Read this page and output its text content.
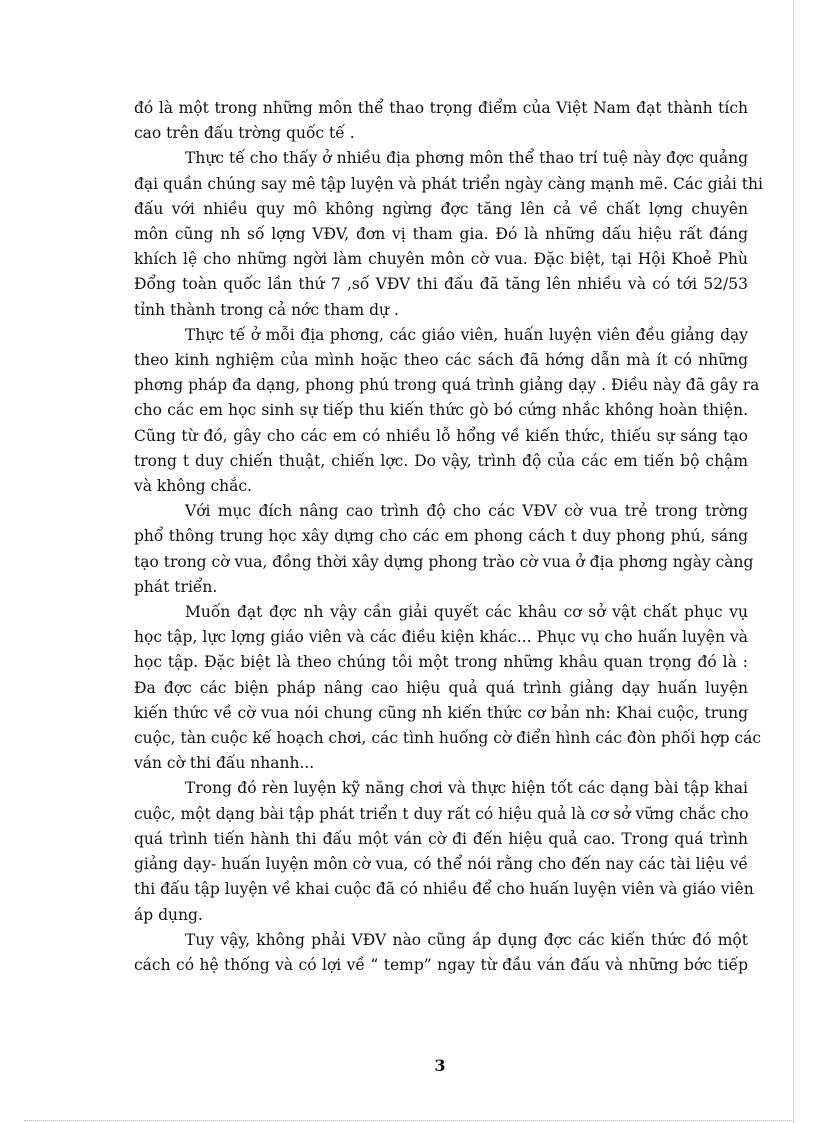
đó là một trong những môn thể thao trọng điểm của Việt Nam đạt thành tích
cao trên đấu trờng quốc tế .
Thực tế cho thấy ở nhiều địa phơng môn thể thao trí tuệ này đợc quảng
đại quần chúng say mê tập luyện và phát triển ngày càng mạnh mẽ. Các giải thi
đấu với nhiều quy mô không ngừng đợc tăng lên cả về chất lợng chuyên
môn cũng nh số lợng VĐV, đơn vị tham gia. Đó là những dấu hiệu rất đáng
khích lệ cho những ngời làm chuyên môn cờ vua. Đặc biệt, tại Hội Khoẻ Phù
Đổng toàn quốc lần thứ 7 ,số VĐV thi đấu đã tăng lên nhiều và có tới 52/53
tỉnh thành trong cả nớc tham dự .
Thực tế ở mỗi địa phơng, các giáo viên, huấn luyện viên đều giảng dạy
theo kinh nghiệm của mình hoặc theo các sách đã hớng dẫn mà ít có những
phơng pháp đa dạng, phong phú trong quá trình giảng dạy . Điều này đã gây ra
cho các em học sinh sự tiếp thu kiến thức gò bó cứng nhắc không hoàn thiện.
Cũng từ đó, gây cho các em có nhiều lỗ hổng về kiến thức, thiếu sự sáng tạo
trong t duy chiến thuật, chiến lợc. Do vậy, trình độ của các em tiến bộ chậm
và không chắc.
Với mục đích nâng cao trình độ cho các VĐV cờ vua trẻ trong trờng
phổ thông trung học xây dựng cho các em phong cách t duy phong phú, sáng
tạo trong cờ vua, đồng thời xây dựng phong trào cờ vua ở địa phơng ngày càng
phát triển.
Muốn đạt đợc nh vậy cần giải quyết các khâu cơ sở vật chất phục vụ
học tập, lực lợng giáo viên và các điều kiện khác... Phục vụ cho huấn luyện và
học tập. Đặc biệt là theo chúng tôi một trong những khâu quan trọng đó là :
Đa đợc các biện pháp nâng cao hiệu quả quá trình giảng dạy huấn luyện
kiến thức về cờ vua nói chung cũng nh kiến thức cơ bản nh: Khai cuộc, trung
cuộc, tàn cuộc kế hoạch chơi, các tình huống cờ điển hình các đòn phối hợp các
ván cờ thi đấu nhanh...
Trong đó rèn luyện kỹ năng chơi và thực hiện tốt các dạng bài tập khai
cuộc, một dạng bài tập phát triển t duy rất có hiệu quả là cơ sở vững chắc cho
quá trình tiến hành thi đấu một ván cờ đi đến hiệu quả cao. Trong quá trình
giảng dạy- huấn luyện môn cờ vua, có thể nói rằng cho đến nay các tài liệu về
thi đấu tập luyện về khai cuộc đã có nhiều để cho huấn luyện viên và giáo viên
áp dụng.
Tuy vậy, không phải VĐV nào cũng áp dụng đợc các kiến thức đó một
cách có hệ thống và có lợi về “ temp” ngay từ đầu ván đấu và những bớc tiếp
3
